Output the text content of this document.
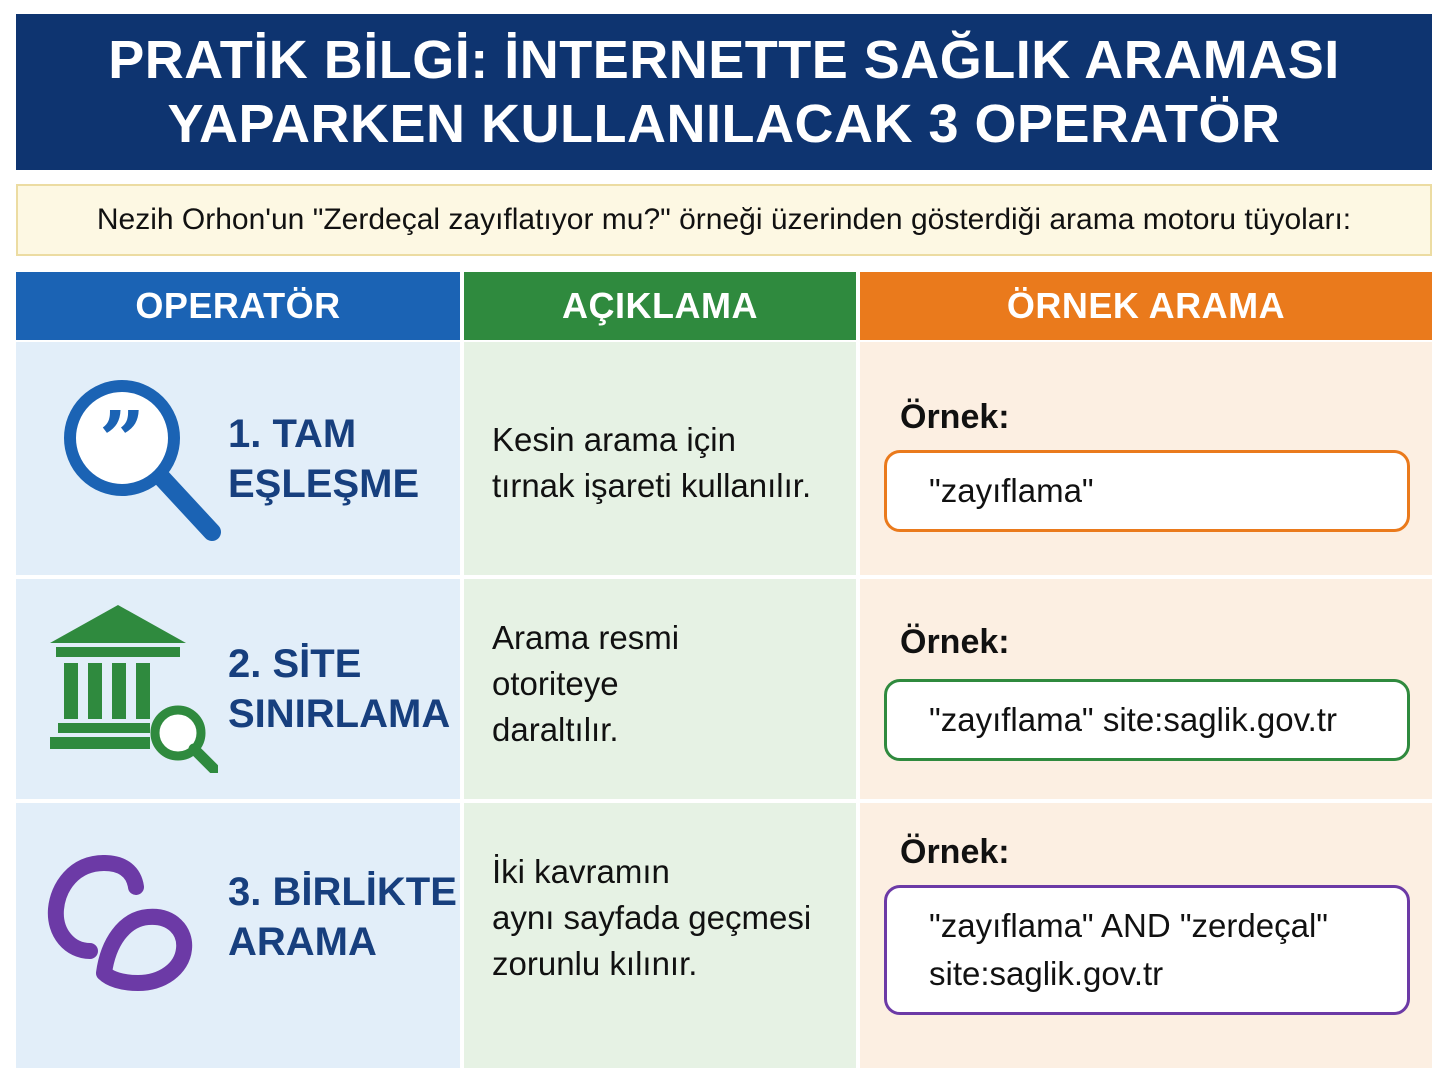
PRATİK BİLGİ: İNTERNETTE SAĞLIK ARAMASI
YAPARKEN KULLANILACAK 3 OPERATÖR
Nezih Orhon'un "Zerdeçal zayıflatıyor mu?" örneği üzerinden gösterdiği arama motoru tüyoları:
OPERATÖR	AÇIKLAMA	ÖRNEK ARAMA
” 1. TAM
EŞLEŞME
Kesin arama için
tırnak işareti kullanılır.
Örnek:
"zayıflama"
2. SİTE
SINIRLAMA
Arama resmi
otoriteye
daraltılır.
Örnek:
"zayıflama" site:saglik.gov.tr
3. BİRLİKTE
ARAMA
İki kavramın
aynı sayfada geçmesi
zorunlu kılınır.
Örnek:
"zayıflama" AND "zerdeçal"
site:saglik.gov.tr
